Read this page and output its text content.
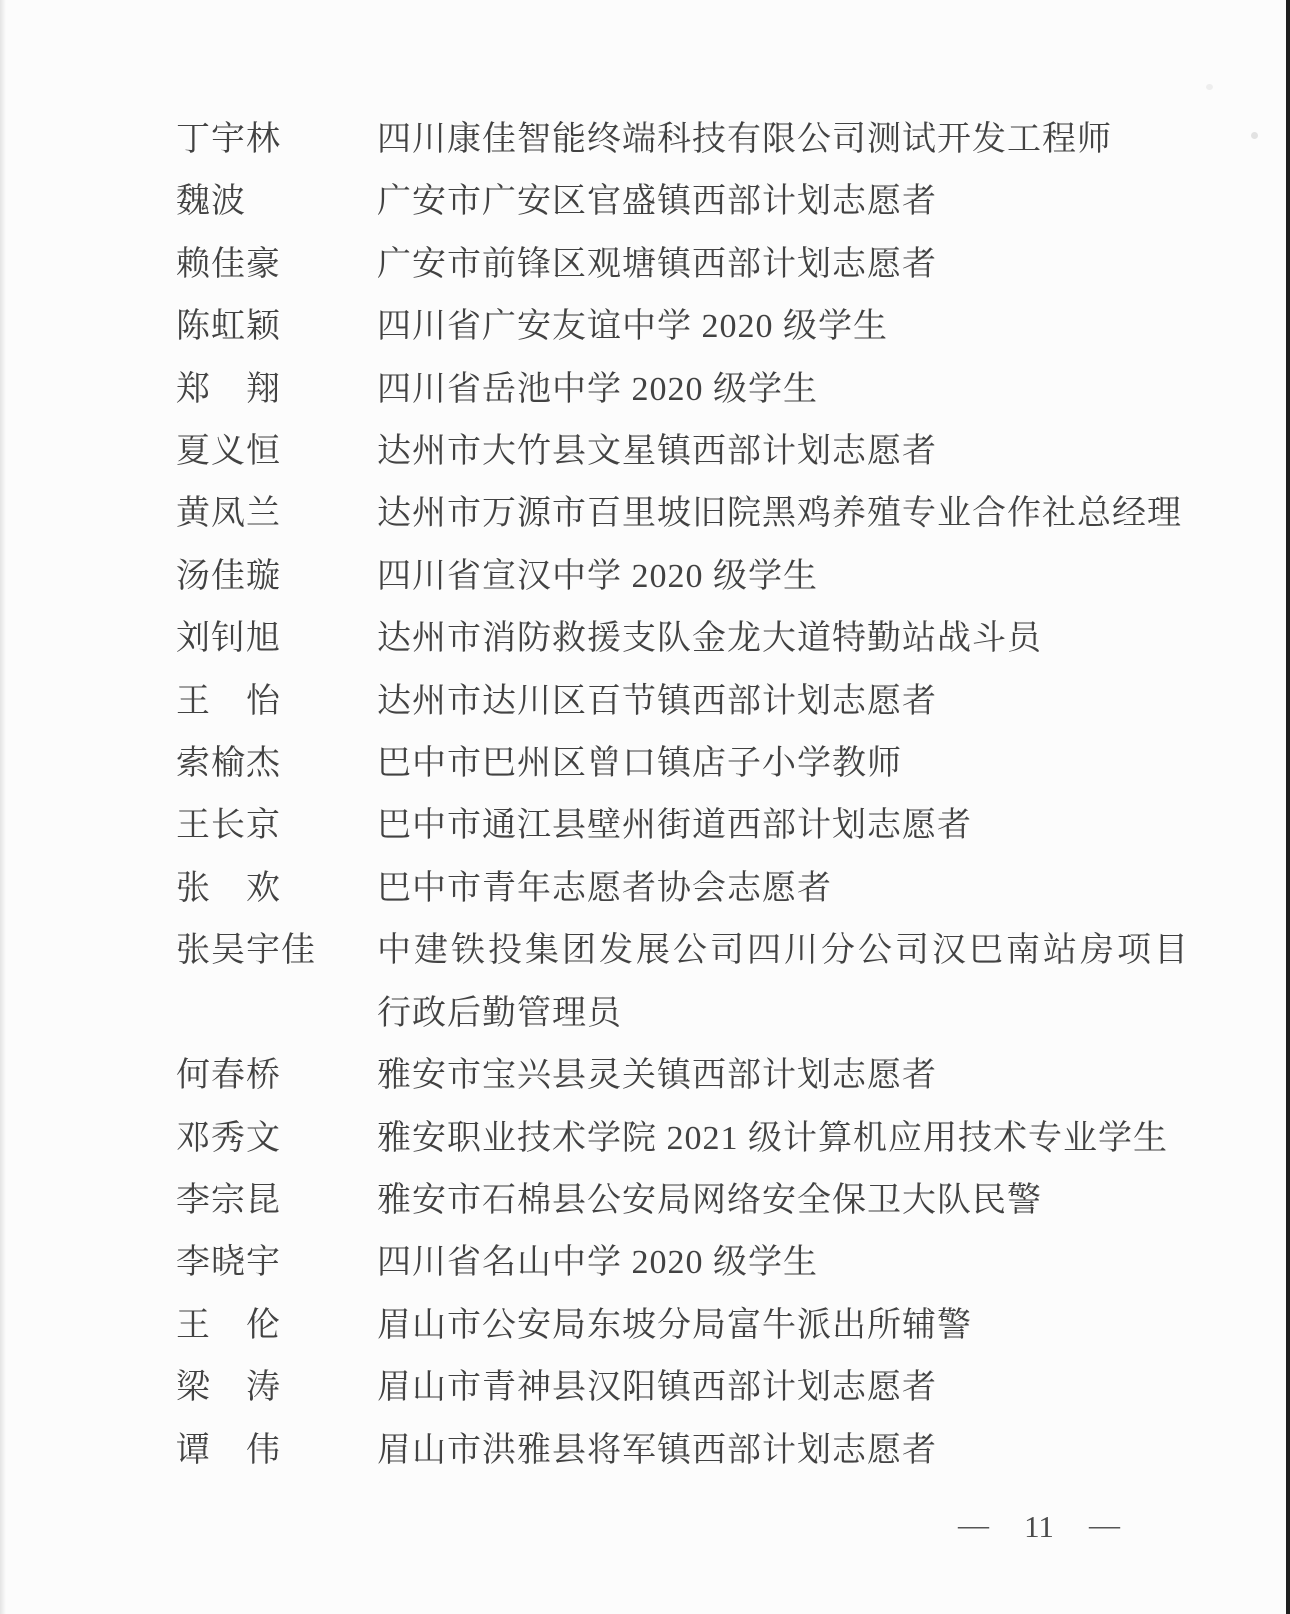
丁宇林	四川康佳智能终端科技有限公司测试开发工程师
魏波	广安市广安区官盛镇西部计划志愿者
赖佳豪	广安市前锋区观塘镇西部计划志愿者
陈虹颖	四川省广安友谊中学 2020 级学生
郑　翔	四川省岳池中学 2020 级学生
夏义恒	达州市大竹县文星镇西部计划志愿者
黄凤兰	达州市万源市百里坡旧院黑鸡养殖专业合作社总经理
汤佳璇	四川省宣汉中学 2020 级学生
刘钊旭	达州市消防救援支队金龙大道特勤站战斗员
王　怡	达州市达川区百节镇西部计划志愿者
索榆杰	巴中市巴州区曾口镇店子小学教师
王长京	巴中市通江县壁州街道西部计划志愿者
张　欢	巴中市青年志愿者协会志愿者
张吴宇佳	中建铁投集团发展公司四川分公司汉巴南站房项目
行政后勤管理员
何春桥	雅安市宝兴县灵关镇西部计划志愿者
邓秀文	雅安职业技术学院 2021 级计算机应用技术专业学生
李宗昆	雅安市石棉县公安局网络安全保卫大队民警
李晓宇	四川省名山中学 2020 级学生
王　伦	眉山市公安局东坡分局富牛派出所辅警
梁　涛	眉山市青神县汉阳镇西部计划志愿者
谭　伟	眉山市洪雅县将军镇西部计划志愿者
— 11 —
